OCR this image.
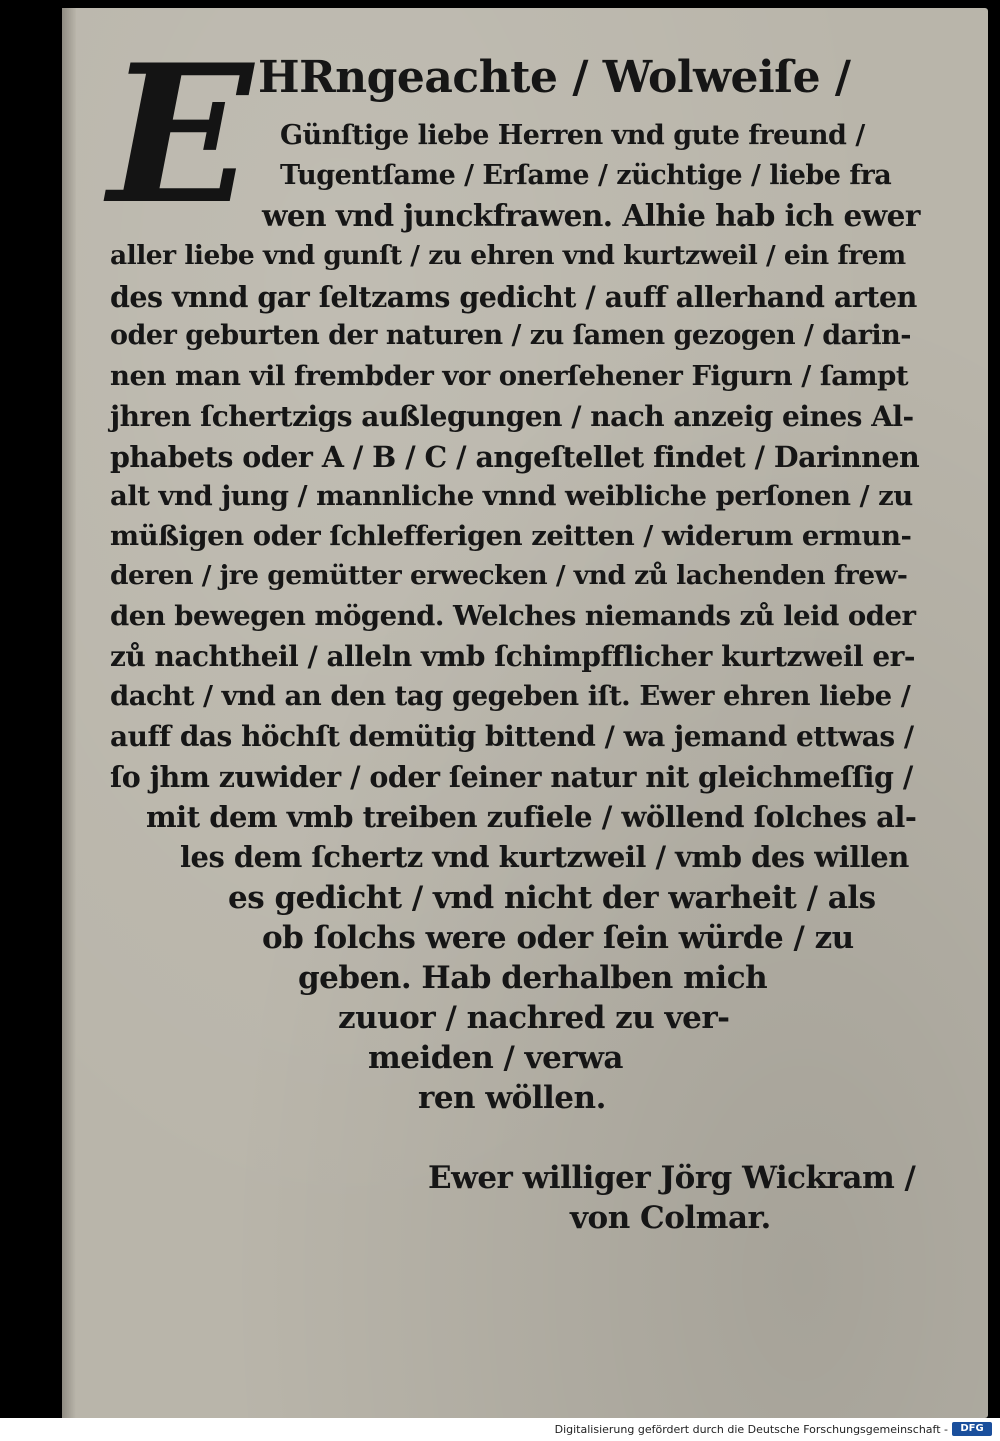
E HRngeachte / Wolweiſe /
Günſtige liebe Herren vnd gute freund /
Tugentſame / Erſame / züchtige / liebe fra
wen vnd junckfrawen. Alhie hab ich ewer
aller liebe vnd gunſt / zu ehren vnd kurtzweil / ein frem
des vnnd gar ſeltzams gedicht / auff allerhand arten
oder geburten der naturen / zu ſamen gezogen / darin-
nen man vil frembder vor onerſehener Figurn / ſampt
jhren ſchertzigs außlegungen / nach anzeig eines Al-
phabets oder A / B / C / angeſtellet findet / Darinnen
alt vnd jung / mannliche vnnd weibliche perſonen / zu
müßigen oder ſchlefferigen zeitten / widerum ermun-
deren / jre gemütter erwecken / vnd zů lachenden frew-
den bewegen mögend. Welches niemands zů leid oder
zů nachtheil / alleln vmb ſchimpfflicher kurtzweil er-
dacht / vnd an den tag gegeben iſt. Ewer ehren liebe /
auff das höchſt demütig bittend / wa jemand ettwas /
ſo jhm zuwider / oder ſeiner natur nit gleichmeſſig /
mit dem vmb treiben zufiele / wöllend ſolches al-
les dem ſchertz vnd kurtzweil / vmb des willen
es gedicht / vnd nicht der warheit / als
ob ſolchs were oder ſein würde / zu
geben. Hab derhalben mich
zuuor / nachred zu ver-
meiden / verwa
ren wöllen.
Ewer williger Jörg Wickram /
von Colmar.
Digitalisierung gefördert durch die Deutsche Forschungsgemeinschaft -	DFG
